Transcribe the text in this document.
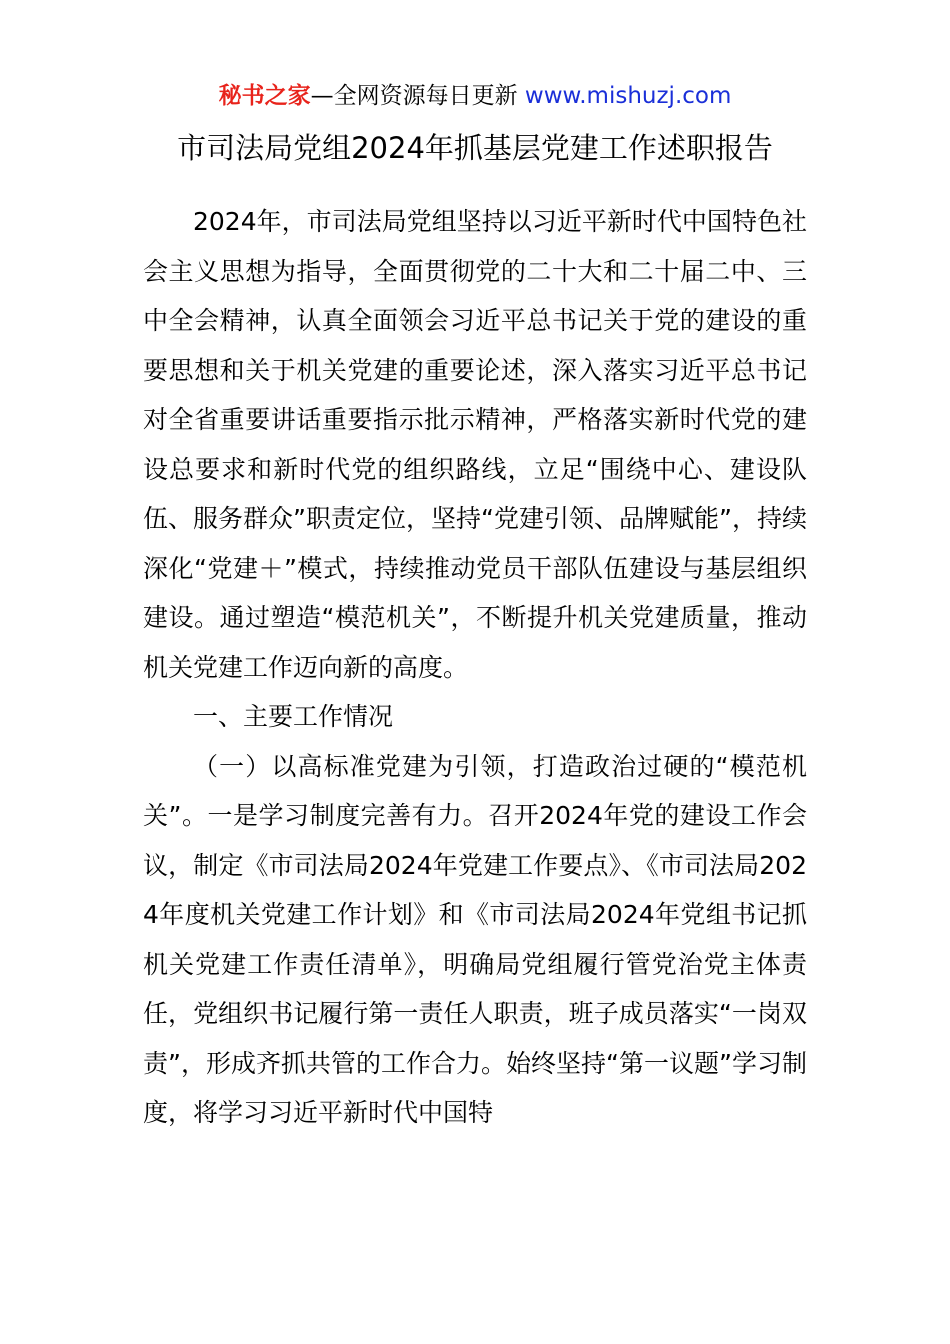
秘书之家—全网资源每日更新 www.mishuzj.com
市司法局党组2024年抓基层党建工作述职报告

2024年，市司法局党组坚持以习近平新时代中国特色社会主义思想为指导，全面贯彻党的二十大和二十届二中、三中全会精神，认真全面领会习近平总书记关于党的建设的重要思想和关于机关党建的重要论述，深入落实习近平总书记对全省重要讲话重要指示批示精神，严格落实新时代党的建设总要求和新时代党的组织路线，立足“围绕中心、建设队伍、服务群众”职责定位，坚持“党建引领、品牌赋能”，持续深化“党建＋”模式，持续推动党员干部队伍建设与基层组织建设。通过塑造“模范机关”，不断提升机关党建质量，推动机关党建工作迈向新的高度。

一、主要工作情况

（一）以高标准党建为引领，打造政治过硬的“模范机关”。一是学习制度完善有力。召开2024年党的建设工作会议，制定《市司法局2024年党建工作要点》、《市司法局2024年度机关党建工作计划》和《市司法局2024年党组书记抓机关党建工作责任清单》，明确局党组履行管党治党主体责任，党组织书记履行第一责任人职责，班子成员落实“一岗双责”，形成齐抓共管的工作合力。始终坚持“第一议题”学习制度，将学习习近平新时代中国特
